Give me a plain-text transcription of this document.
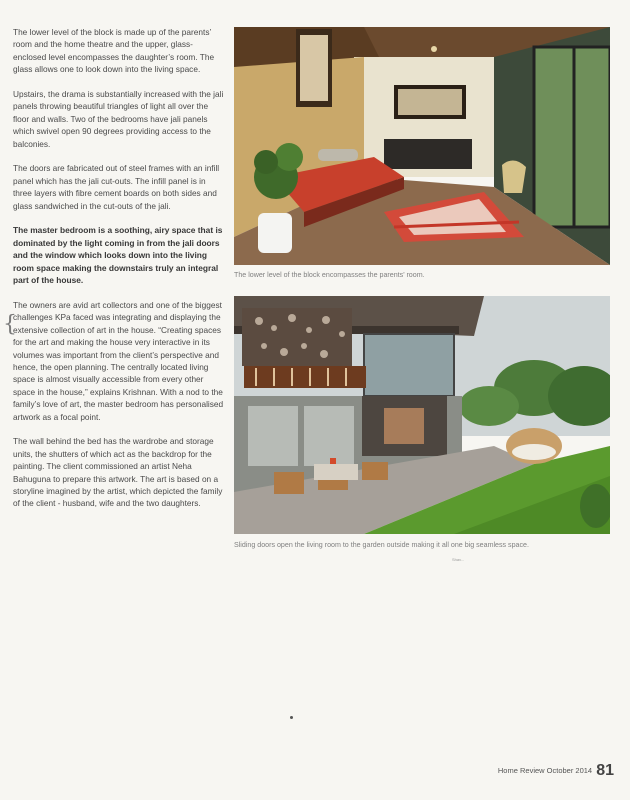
The lower level of the block is made up of the parents’ room and the home theatre and the upper, glass-enclosed level encompasses the daughter’s room. The glass allows one to look down into the living space.

Upstairs, the drama is substantially increased with the jali panels throwing beautiful triangles of light all over the floor and walls. Two of the bedrooms have jali panels which swivel open 90 degrees providing access to the balconies.

The doors are fabricated out of steel frames with an infill panel which has the jali cut-outs. The infill panel is in three layers with fibre cement boards on both sides and glass sandwiched in the cut-outs of the jali.

The master bedroom is a soothing, airy space that is dominated by the light coming in from the jali doors and the window which looks down into the living room space making the downstairs truly an integral part of the house.

The owners are avid art collectors and one of the biggest challenges KPa faced was integrating and displaying the extensive collection of art in the house. “Creating spaces for the art and making the house very interactive in its volumes was important from the client’s perspective and hence, the open planning. The centrally located living space is almost visually accessible from every other space in the house,” explains Krishnan. With a nod to the family’s love of art, the master bedroom has personalised artwork as a focal point.

The wall behind the bed has the wardrobe and storage units, the shutters of which act as the backdrop for the painting. The client commissioned an artist Neha Bahuguna to prepare this artwork. The art is based on a storyline imagined by the artist, which depicted the family of the client - husband, wife and the two daughters.

{
The lower level of the block encompasses the parents’ room.
Sliding doors open the living room to the garden outside making it all one big seamless space.
Shav...
Home Review October 2014 81
